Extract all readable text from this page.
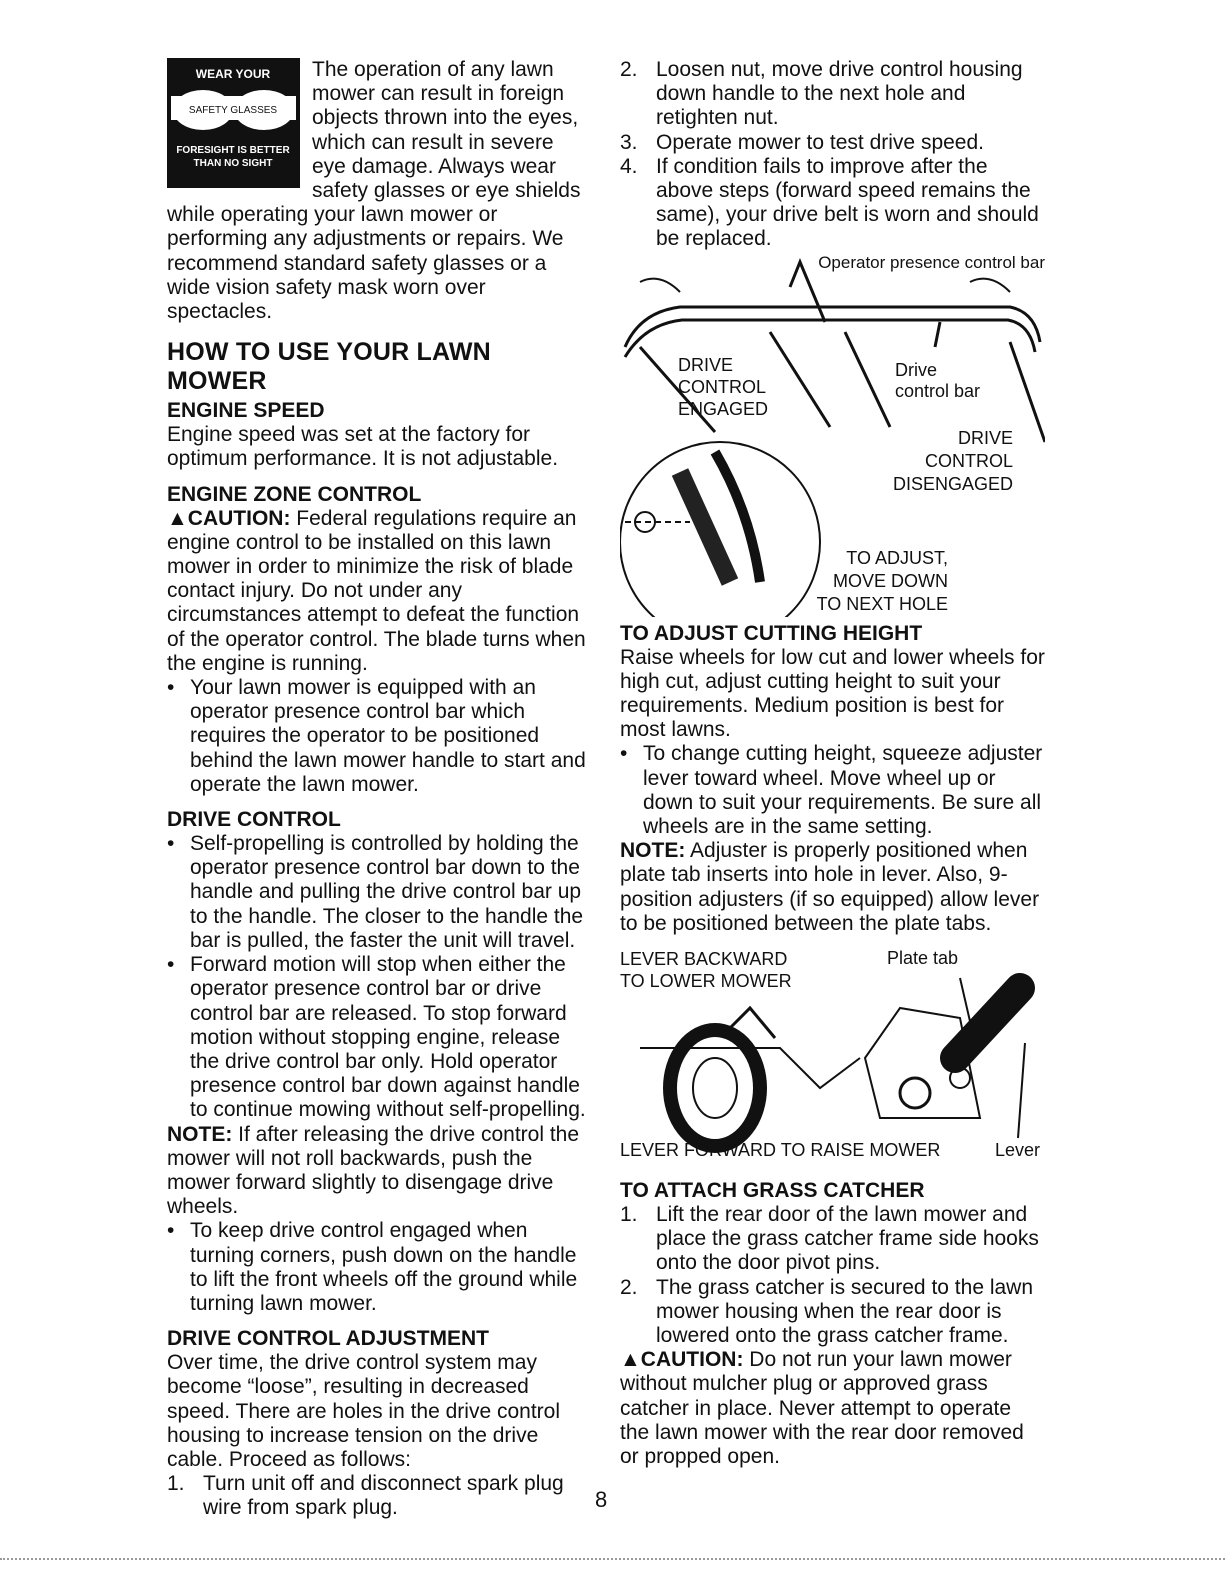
WEAR YOUR
SAFETY GLASSES
FORESIGHT IS BETTER
THAN NO SIGHT

The operation of any lawn mower can result in foreign objects thrown into the eyes, which can result in severe eye damage. Always wear safety glasses or eye shields while operating your lawn mower or performing any adjustments or repairs. We recommend standard safety glasses or a wide vision safety mask worn over spectacles.

HOW TO USE YOUR LAWN MOWER
ENGINE SPEED

Engine speed was set at the factory for optimum performance. It is not adjustable.

ENGINE ZONE CONTROL

▲CAUTION: Federal regulations require an engine control to be installed on this lawn mower in order to minimize the risk of blade contact injury. Do not under any circumstances attempt to defeat the function of the operator control. The blade turns when the engine is running.

• Your lawn mower is equipped with an operator presence control bar which requires the operator to be positioned behind the lawn mower handle to start and operate the lawn mower.

DRIVE CONTROL

• Self-propelling is controlled by holding the operator presence control bar down to the handle and pulling the drive control bar up to the handle. The closer to the handle the bar is pulled, the faster the unit will travel.

• Forward motion will stop when either the operator presence control bar or drive control bar are released. To stop forward motion without stopping engine, release the drive control bar only. Hold operator presence control bar down against handle to continue mowing without self-propelling.

NOTE: If after releasing the drive control the mower will not roll backwards, push the mower forward slightly to disengage drive wheels.

• To keep drive control engaged when turning corners, push down on the handle to lift the front wheels off the ground while turning lawn mower.

DRIVE CONTROL ADJUSTMENT

Over time, the drive control system may become “loose”, resulting in decreased speed. There are holes in the drive control housing to increase tension on the drive cable. Proceed as follows:

1. Turn unit off and disconnect spark plug wire from spark plug.	8

2. Loosen nut, move drive control housing down handle to the next hole and retighten nut.

3. Operate mower to test drive speed.

4. If condition fails to improve after the above steps (forward speed remains the same), your drive belt is worn and should be replaced.

Operator presence control bar
DRIVE
CONTROL
ENGAGED
Drive
control bar
DRIVE
CONTROL
DISENGAGED
TO ADJUST,
MOVE DOWN
TO NEXT HOLE
TO ADJUST CUTTING HEIGHT

Raise wheels for low cut and lower wheels for high cut, adjust cutting height to suit your requirements. Medium position is best for most lawns.

• To change cutting height, squeeze adjuster lever toward wheel. Move wheel up or down to suit your requirements. Be sure all wheels are in the same setting.

NOTE: Adjuster is properly positioned when plate tab inserts into hole in lever. Also, 9-position adjusters (if so equipped) allow lever to be positioned between the plate tabs.

LEVER BACKWARD
TO LOWER MOWER
Plate tab
LEVER FORWARD TO RAISE MOWER	Lever
TO ATTACH GRASS CATCHER

1. Lift the rear door of the lawn mower and place the grass catcher frame side hooks onto the door pivot pins.

2. The grass catcher is secured to the lawn mower housing when the rear door is lowered onto the grass catcher frame.

▲CAUTION: Do not run your lawn mower without mulcher plug or approved grass catcher in place. Never attempt to operate the lawn mower with the rear door removed or propped open.
